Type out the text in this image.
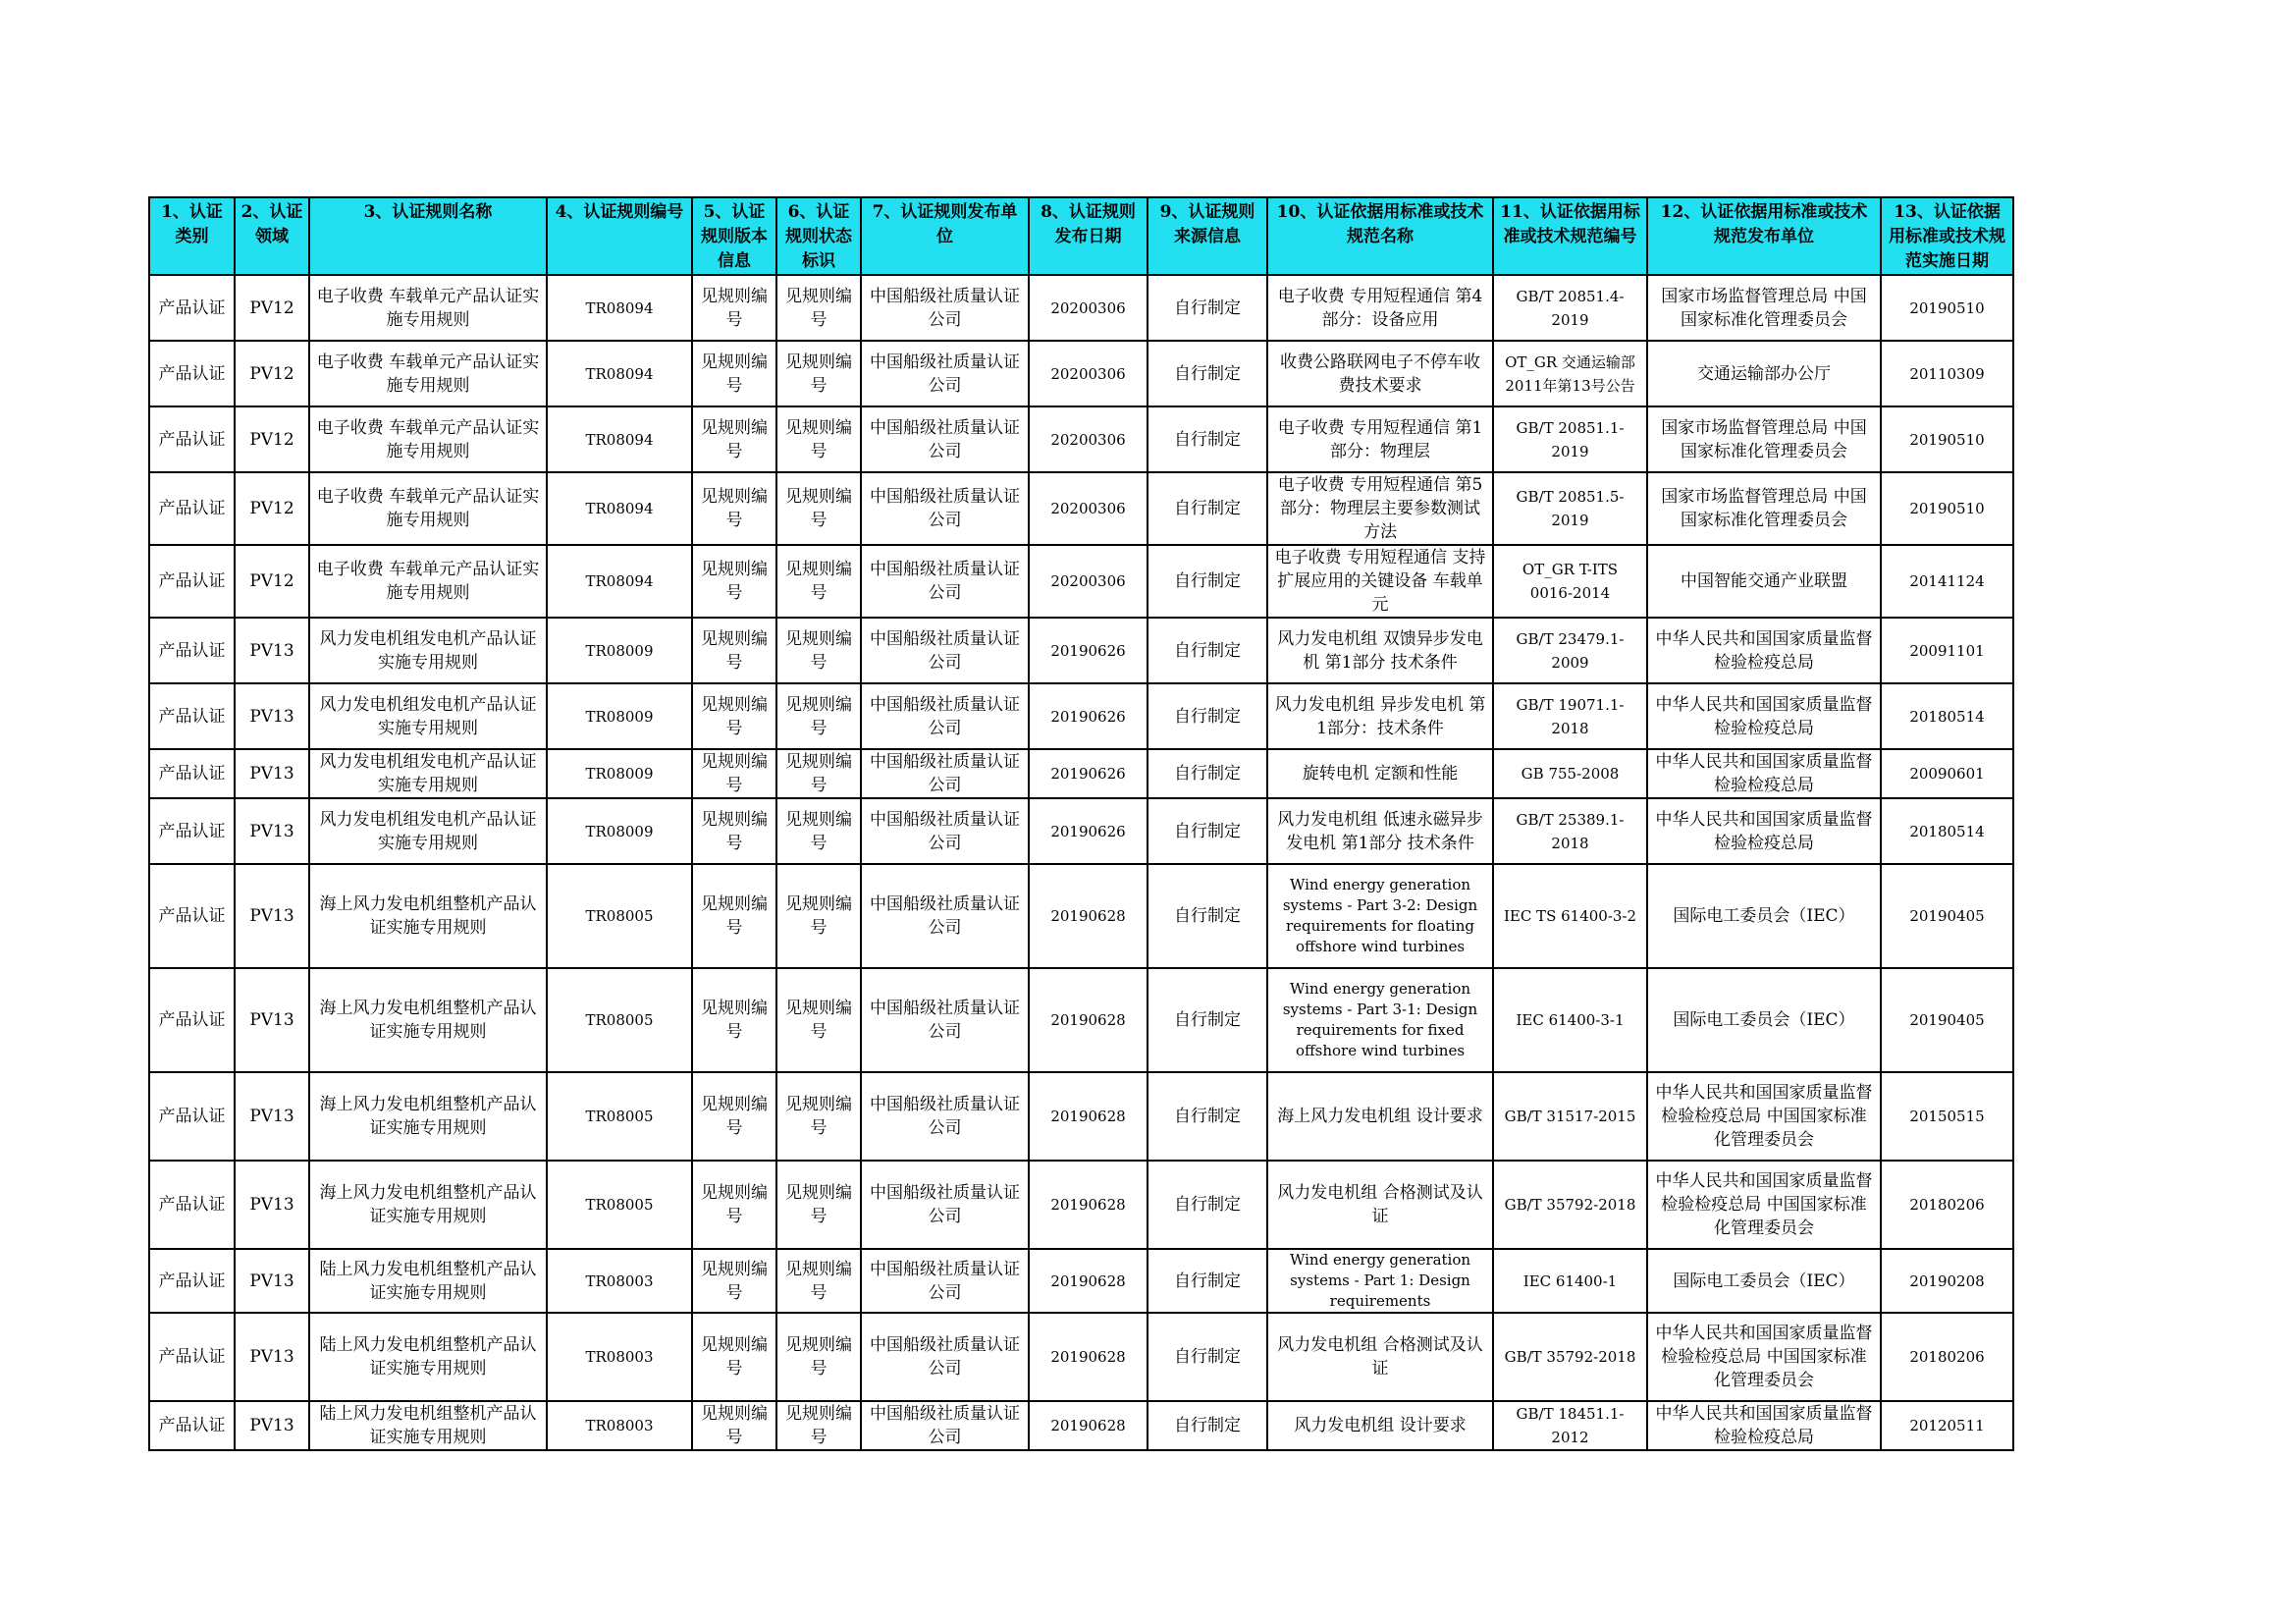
1、认证类别	2、认证领域	3、认证规则名称	4、认证规则编号	5、认证规则版本信息	6、认证规则状态标识	7、认证规则发布单位	8、认证规则发布日期	9、认证规则来源信息	10、认证依据用标准或技术规范名称	11、认证依据用标准或技术规范编号	12、认证依据用标准或技术规范发布单位	13、认证依据用标准或技术规范实施日期
产品认证	PV12	电子收费 车载单元产品认证实施专用规则	TR08094	见规则编号	见规则编号	中国船级社质量认证公司	20200306	自行制定	电子收费 专用短程通信 第4部分：设备应用	GB/T 20851.4-2019	国家市场监督管理总局 中国国家标准化管理委员会	20190510
产品认证	PV12	电子收费 车载单元产品认证实施专用规则	TR08094	见规则编号	见规则编号	中国船级社质量认证公司	20200306	自行制定	收费公路联网电子不停车收费技术要求	OT_GR 交通运输部2011年第13号公告	交通运输部办公厅	20110309
产品认证	PV12	电子收费 车载单元产品认证实施专用规则	TR08094	见规则编号	见规则编号	中国船级社质量认证公司	20200306	自行制定	电子收费 专用短程通信 第1部分：物理层	GB/T 20851.1-2019	国家市场监督管理总局 中国国家标准化管理委员会	20190510
产品认证	PV12	电子收费 车载单元产品认证实施专用规则	TR08094	见规则编号	见规则编号	中国船级社质量认证公司	20200306	自行制定	电子收费 专用短程通信 第5部分：物理层主要参数测试方法	GB/T 20851.5-2019	国家市场监督管理总局 中国国家标准化管理委员会	20190510
产品认证	PV12	电子收费 车载单元产品认证实施专用规则	TR08094	见规则编号	见规则编号	中国船级社质量认证公司	20200306	自行制定	电子收费 专用短程通信 支持扩展应用的关键设备 车载单元	OT_GR T-ITS 0016-2014	中国智能交通产业联盟	20141124
产品认证	PV13	风力发电机组发电机产品认证实施专用规则	TR08009	见规则编号	见规则编号	中国船级社质量认证公司	20190626	自行制定	风力发电机组 双馈异步发电机 第1部分 技术条件	GB/T 23479.1-2009	中华人民共和国国家质量监督检验检疫总局	20091101
产品认证	PV13	风力发电机组发电机产品认证实施专用规则	TR08009	见规则编号	见规则编号	中国船级社质量认证公司	20190626	自行制定	风力发电机组 异步发电机 第1部分：技术条件	GB/T 19071.1-2018	中华人民共和国国家质量监督检验检疫总局	20180514
产品认证	PV13	风力发电机组发电机产品认证实施专用规则	TR08009	见规则编号	见规则编号	中国船级社质量认证公司	20190626	自行制定	旋转电机 定额和性能	GB 755-2008	中华人民共和国国家质量监督检验检疫总局	20090601
产品认证	PV13	风力发电机组发电机产品认证实施专用规则	TR08009	见规则编号	见规则编号	中国船级社质量认证公司	20190626	自行制定	风力发电机组 低速永磁异步发电机 第1部分 技术条件	GB/T 25389.1-2018	中华人民共和国国家质量监督检验检疫总局	20180514
产品认证	PV13	海上风力发电机组整机产品认证实施专用规则	TR08005	见规则编号	见规则编号	中国船级社质量认证公司	20190628	自行制定	Wind energy generation systems - Part 3-2: Design requirements for floating offshore wind turbines	IEC TS 61400-3-2	国际电工委员会（IEC）	20190405
产品认证	PV13	海上风力发电机组整机产品认证实施专用规则	TR08005	见规则编号	见规则编号	中国船级社质量认证公司	20190628	自行制定	Wind energy generation systems - Part 3-1: Design requirements for fixed offshore wind turbines	IEC 61400-3-1	国际电工委员会（IEC）	20190405
产品认证	PV13	海上风力发电机组整机产品认证实施专用规则	TR08005	见规则编号	见规则编号	中国船级社质量认证公司	20190628	自行制定	海上风力发电机组 设计要求	GB/T 31517-2015	中华人民共和国国家质量监督检验检疫总局 中国国家标准化管理委员会	20150515
产品认证	PV13	海上风力发电机组整机产品认证实施专用规则	TR08005	见规则编号	见规则编号	中国船级社质量认证公司	20190628	自行制定	风力发电机组 合格测试及认证	GB/T 35792-2018	中华人民共和国国家质量监督检验检疫总局 中国国家标准化管理委员会	20180206
产品认证	PV13	陆上风力发电机组整机产品认证实施专用规则	TR08003	见规则编号	见规则编号	中国船级社质量认证公司	20190628	自行制定	Wind energy generation systems - Part 1: Design requirements	IEC 61400-1	国际电工委员会（IEC）	20190208
产品认证	PV13	陆上风力发电机组整机产品认证实施专用规则	TR08003	见规则编号	见规则编号	中国船级社质量认证公司	20190628	自行制定	风力发电机组 合格测试及认证	GB/T 35792-2018	中华人民共和国国家质量监督检验检疫总局 中国国家标准化管理委员会	20180206
产品认证	PV13	陆上风力发电机组整机产品认证实施专用规则	TR08003	见规则编号	见规则编号	中国船级社质量认证公司	20190628	自行制定	风力发电机组 设计要求	GB/T 18451.1-2012	中华人民共和国国家质量监督检验检疫总局	20120511
